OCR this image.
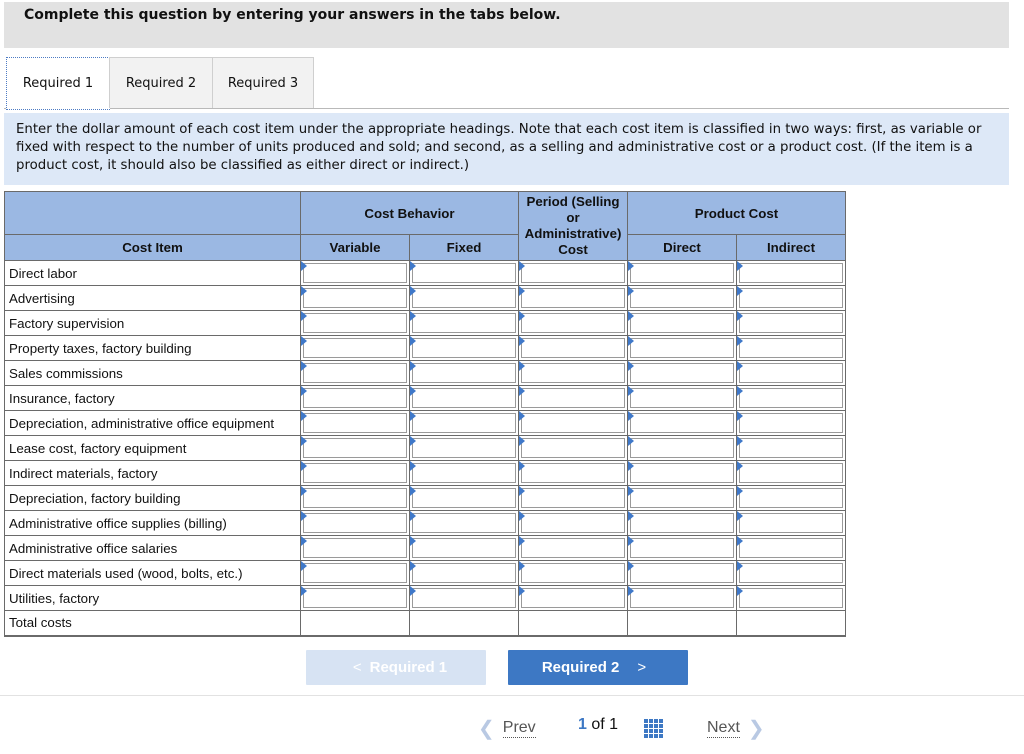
Complete this question by entering your answers in the tabs below.
Required 1	Required 2 Required 3
Enter the dollar amount of each cost item under the appropriate headings. Note that each cost item is classified in two ways: first, as variable or fixed with respect to the number of units produced and sold; and second, as a selling and administrative cost or a product cost. (If the item is a product cost, it should also be classified as either direct or indirect.)
	Cost Behavior		Period (Selling
or
Administrative)
Cost	Product Cost	
Cost Item	Variable	Fixed		Direct	Indirect
Direct labor	

Advertising	

Factory supervision	

Property taxes, factory building	

Sales commissions	

Insurance, factory	

Depreciation, administrative office equipment	

Lease cost, factory equipment	

Indirect materials, factory	

Depreciation, factory building	

Administrative office supplies (billing)	

Administrative office salaries	

Direct materials used (wood, bolts, etc.)	

Utilities, factory	

Total costs					
< Required 1	Required 2 >
❮ Prev	1 of 1	Next ❯
